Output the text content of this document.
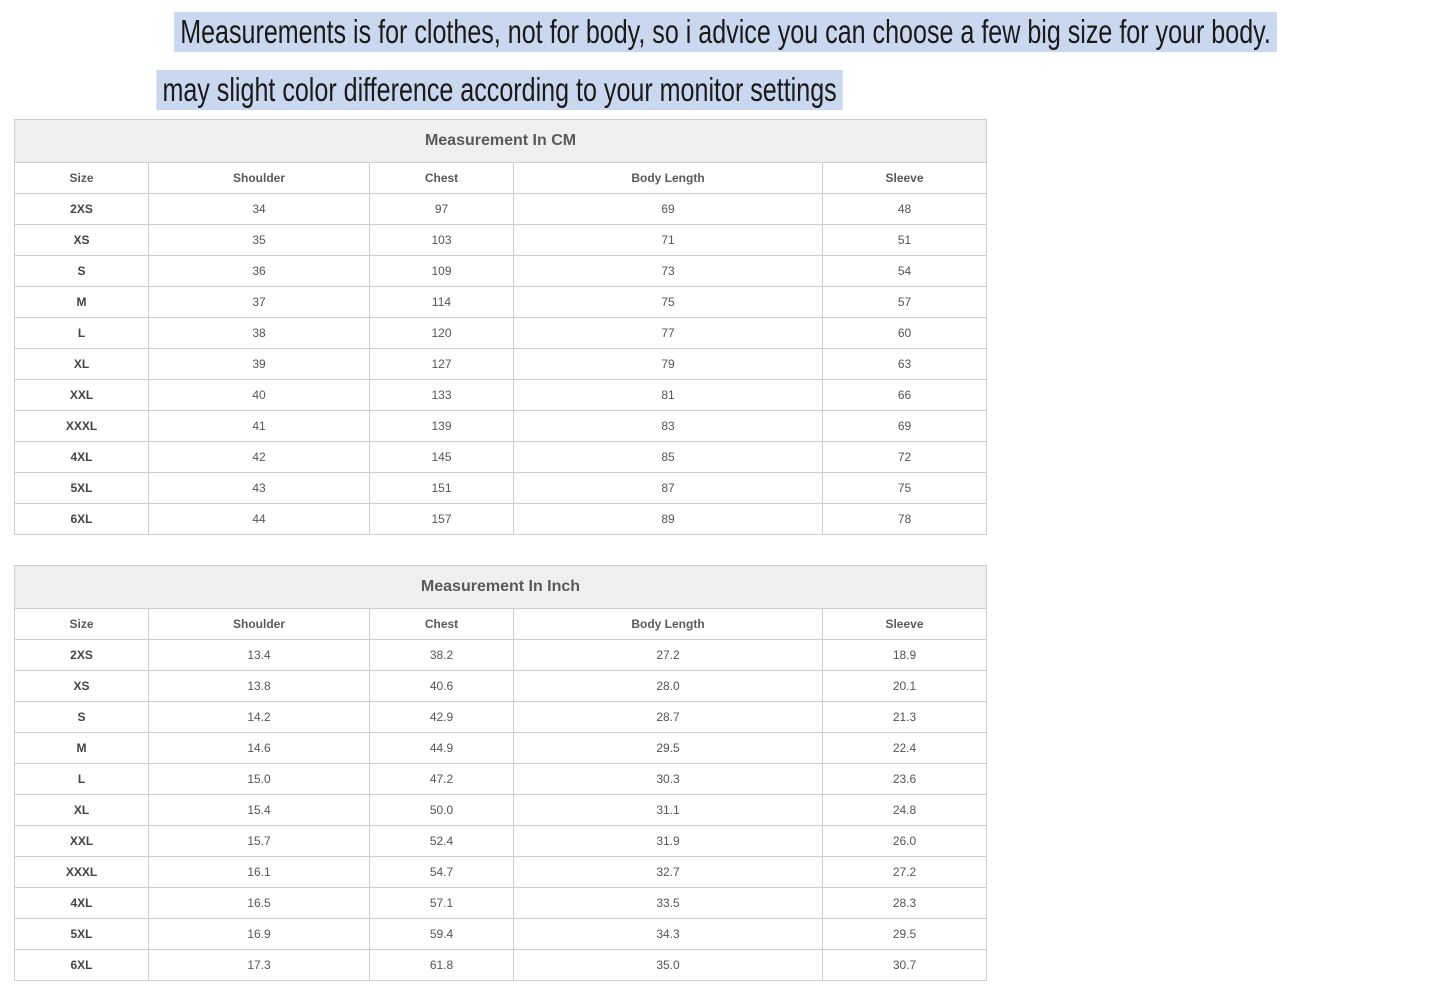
Measurements is for clothes, not for body, so i advice you can choose a few big size for your body.
may slight color difference according to your monitor settings
Measurement In CM				
Size	Shoulder	Chest	Body Length	Sleeve
2XS	34	97	69	48
XS	35	103	71	51
S	36	109	73	54
M	37	114	75	57
L	38	120	77	60
XL	39	127	79	63
XXL	40	133	81	66
XXXL	41	139	83	69
4XL	42	145	85	72
5XL	43	151	87	75
6XL	44	157	89	78
Measurement In Inch				
Size	Shoulder	Chest	Body Length	Sleeve
2XS	13.4	38.2	27.2	18.9
XS	13.8	40.6	28.0	20.1
S	14.2	42.9	28.7	21.3
M	14.6	44.9	29.5	22.4
L	15.0	47.2	30.3	23.6
XL	15.4	50.0	31.1	24.8
XXL	15.7	52.4	31.9	26.0
XXXL	16.1	54.7	32.7	27.2
4XL	16.5	57.1	33.5	28.3
5XL	16.9	59.4	34.3	29.5
6XL	17.3	61.8	35.0	30.7
